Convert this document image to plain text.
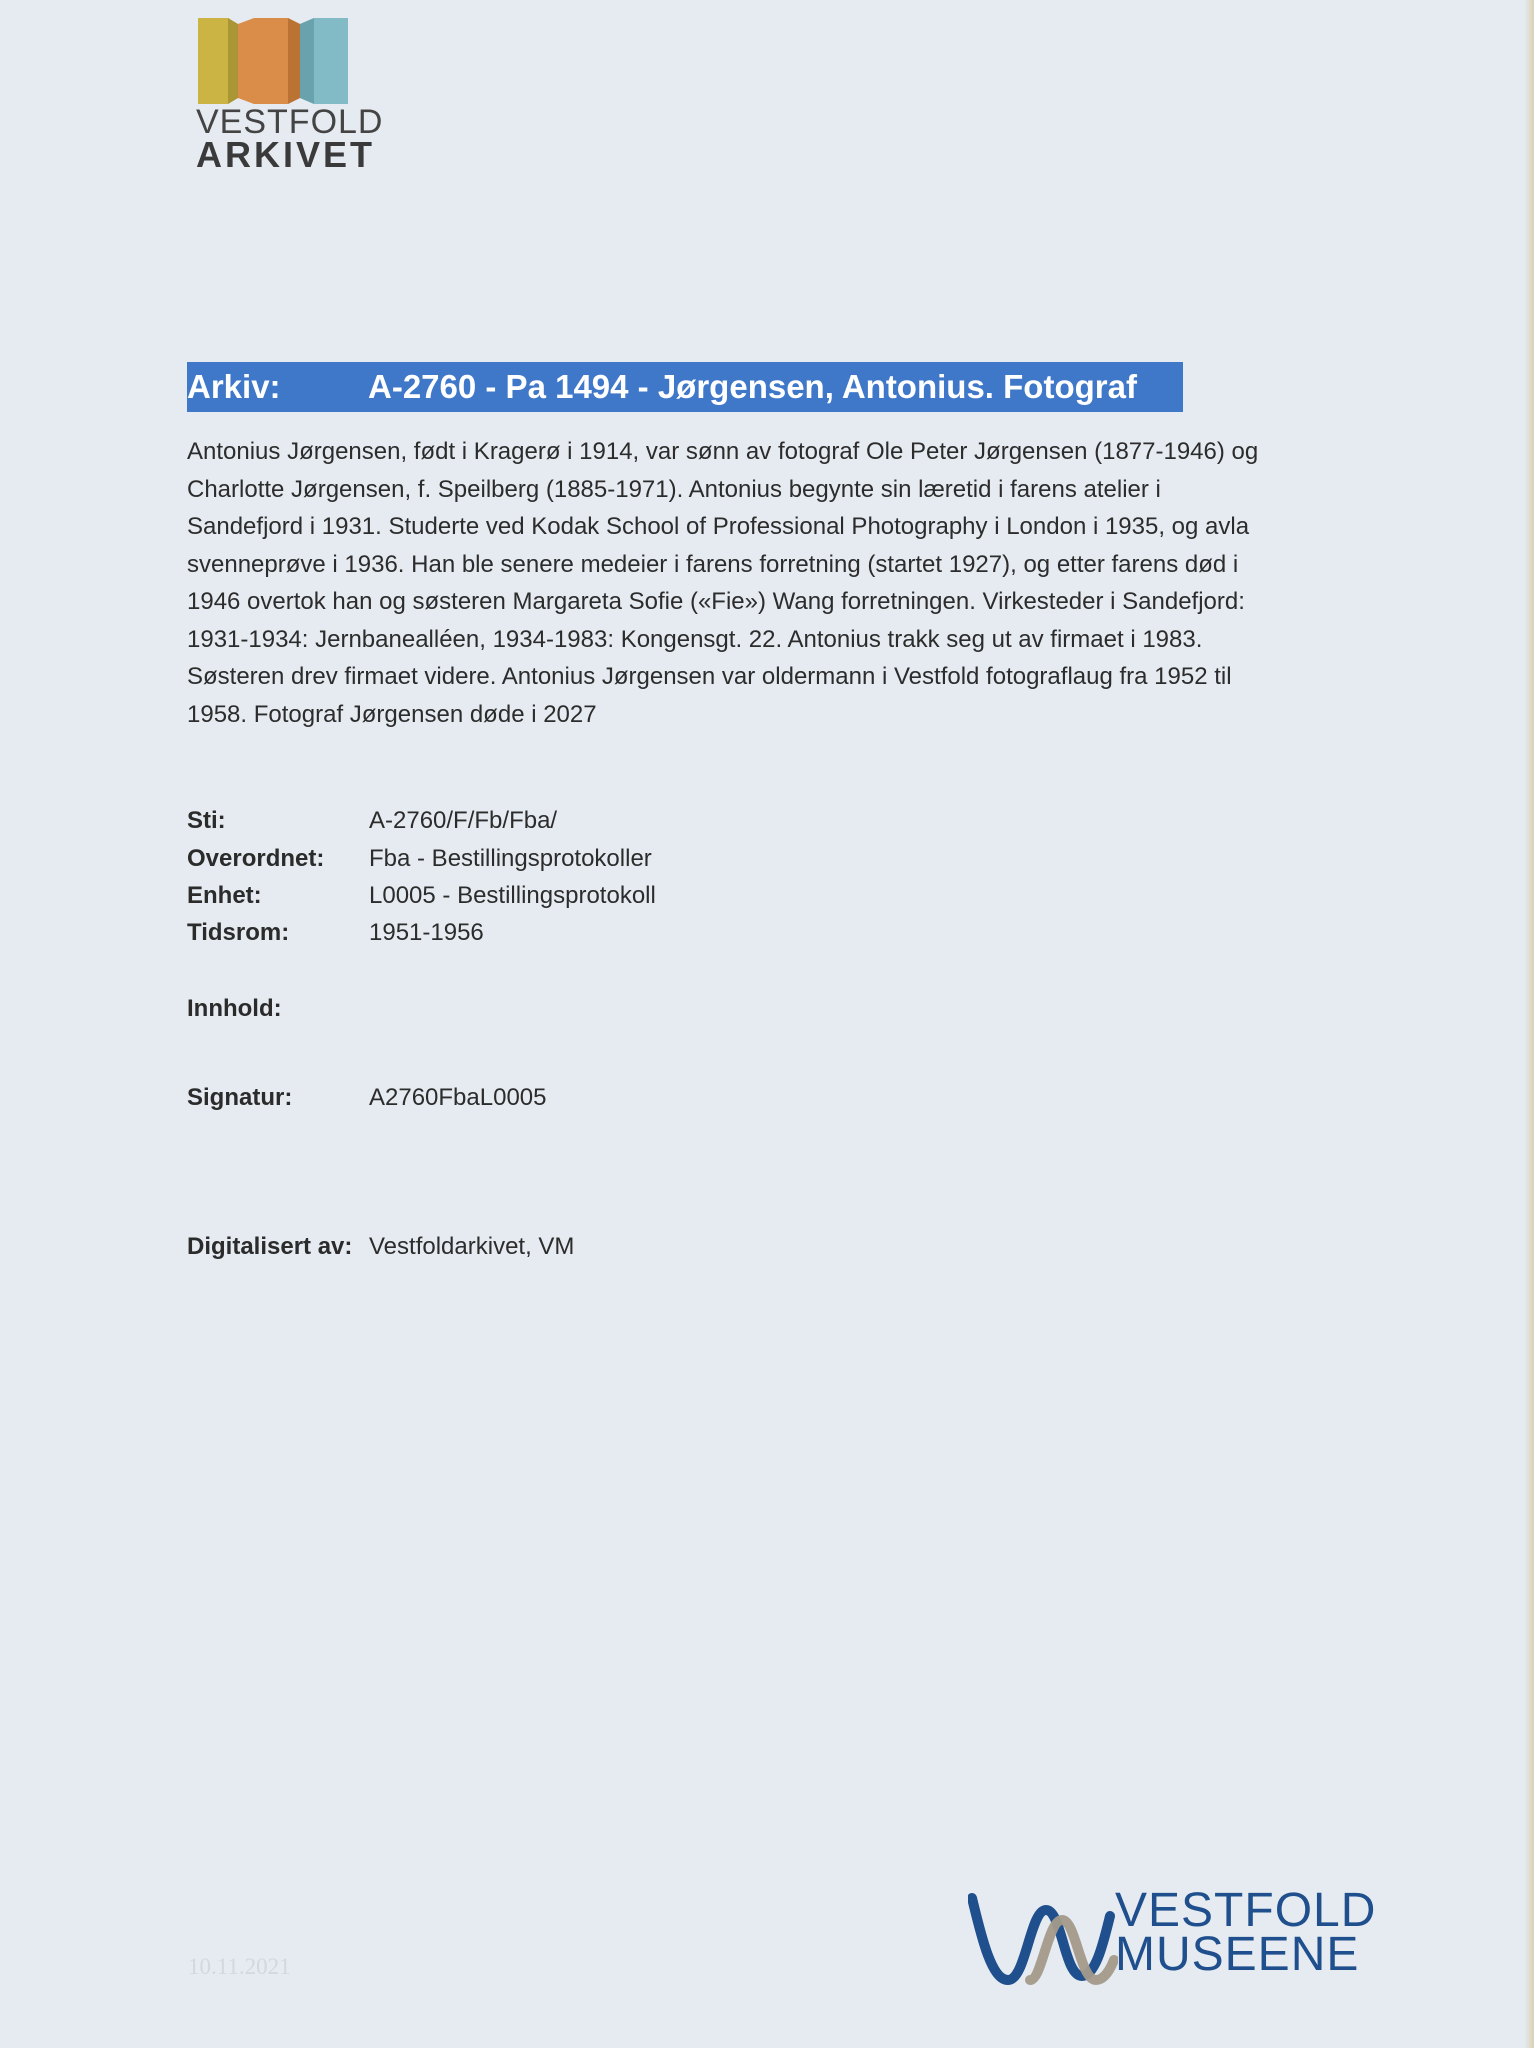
VESTFOLD
ARKIVET
Arkiv:	A-2760 - Pa 1494 - Jørgensen, Antonius. Fotograf
Antonius Jørgensen, født i Kragerø i 1914, var sønn av fotograf Ole Peter Jørgensen (1877-1946) og
Charlotte Jørgensen, f. Speilberg (1885-1971). Antonius begynte sin læretid i farens atelier i
Sandefjord i 1931. Studerte ved Kodak School of Professional Photography i London i 1935, og avla
svenneprøve i 1936. Han ble senere medeier i farens forretning (startet 1927), og etter farens død i
1946 overtok han og søsteren Margareta Sofie («Fie») Wang forretningen. Virkesteder i Sandefjord:
1931-1934: Jernbanealléen, 1934-1983: Kongensgt. 22. Antonius trakk seg ut av firmaet i 1983.
Søsteren drev firmaet videre. Antonius Jørgensen var oldermann i Vestfold fotograflaug fra 1952 til
1958. Fotograf Jørgensen døde i 2027
Sti:	A-2760/F/Fb/Fba/
Overordnet: Fba - Bestillingsprotokoller
Enhet:	L0005 - Bestillingsprotokoll
Tidsrom:	1951-1956
Innhold:
Signatur:	A2760FbaL0005
Digitalisert av: Vestfoldarkivet, VM
10.11.2021
VESTFOLD
MUSEENE
